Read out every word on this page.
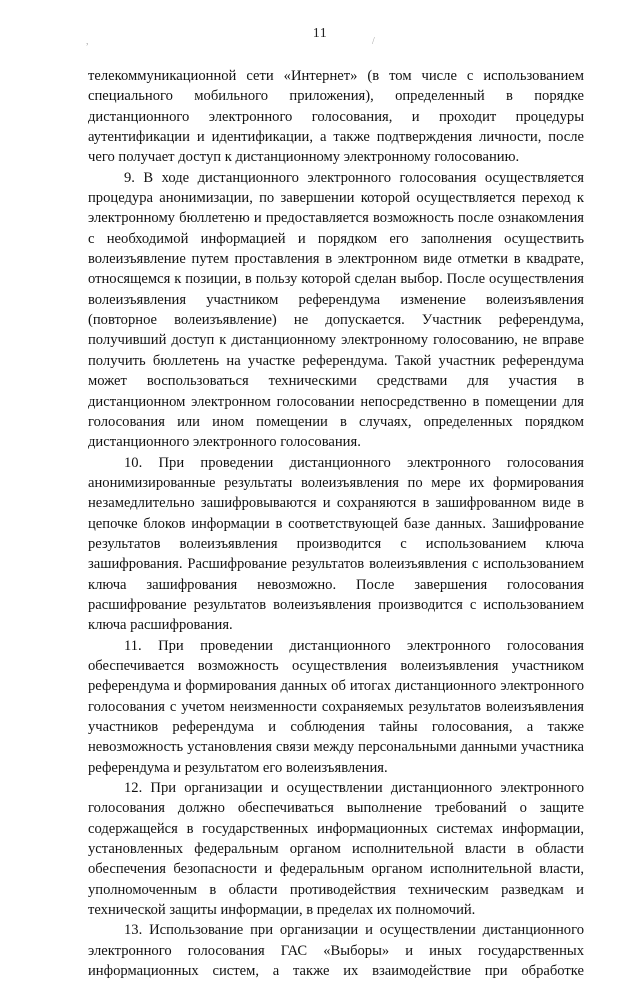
,
11
/

телекоммуникационной сети «Интернет» (в том числе с использованием специального мобильного приложения), определенный в порядке дистанционного электронного голосования, и проходит процедуры аутентификации и идентификации, а также подтверждения личности, после чего получает доступ к дистанционному электронному голосованию.

9. В ходе дистанционного электронного голосования осуществляется процедура анонимизации, по завершении которой осуществляется переход к электронному бюллетеню и предоставляется возможность после ознакомления с необходимой информацией и порядком его заполнения осуществить волеизъявление путем проставления в электронном виде отметки в квадрате, относящемся к позиции, в пользу которой сделан выбор. После осуществления волеизъявления участником референдума изменение волеизъявления (повторное волеизъявление) не допускается. Участник референдума, получивший доступ к дистанционному электронному голосованию, не вправе получить бюллетень на участке референдума. Такой участник референдума может воспользоваться техническими средствами для участия в дистанционном электронном голосовании непосредственно в помещении для голосования или ином помещении в случаях, определенных порядком дистанционного электронного голосования.

10. При проведении дистанционного электронного голосования анонимизированные результаты волеизъявления по мере их формирования незамедлительно зашифровываются и сохраняются в зашифрованном виде в цепочке блоков информации в соответствующей базе данных. Зашифрование результатов волеизъявления производится с использованием ключа зашифрования. Расшифрование результатов волеизъявления с использованием ключа зашифрования невозможно. После завершения голосования расшифрование результатов волеизъявления производится с использованием ключа расшифрования.

11. При проведении дистанционного электронного голосования обеспечивается возможность осуществления волеизъявления участником референдума и формирования данных об итогах дистанционного электронного голосования с учетом неизменности сохраняемых результатов волеизъявления участников референдума и соблюдения тайны голосования, а также невозможность установления связи между персональными данными участника референдума и результатом его волеизъявления.

12. При организации и осуществлении дистанционного электронного голосования должно обеспечиваться выполнение требований о защите содержащейся в государственных информационных системах информации, установленных федеральным органом исполнительной власти в области обеспечения безопасности и федеральным органом исполнительной власти, уполномоченным в области противодействия техническим разведкам и технической защиты информации, в пределах их полномочий.

13. Использование при организации и осуществлении дистанционного электронного голосования ГАС «Выборы» и иных государственных информационных систем, а также их взаимодействие при обработке
